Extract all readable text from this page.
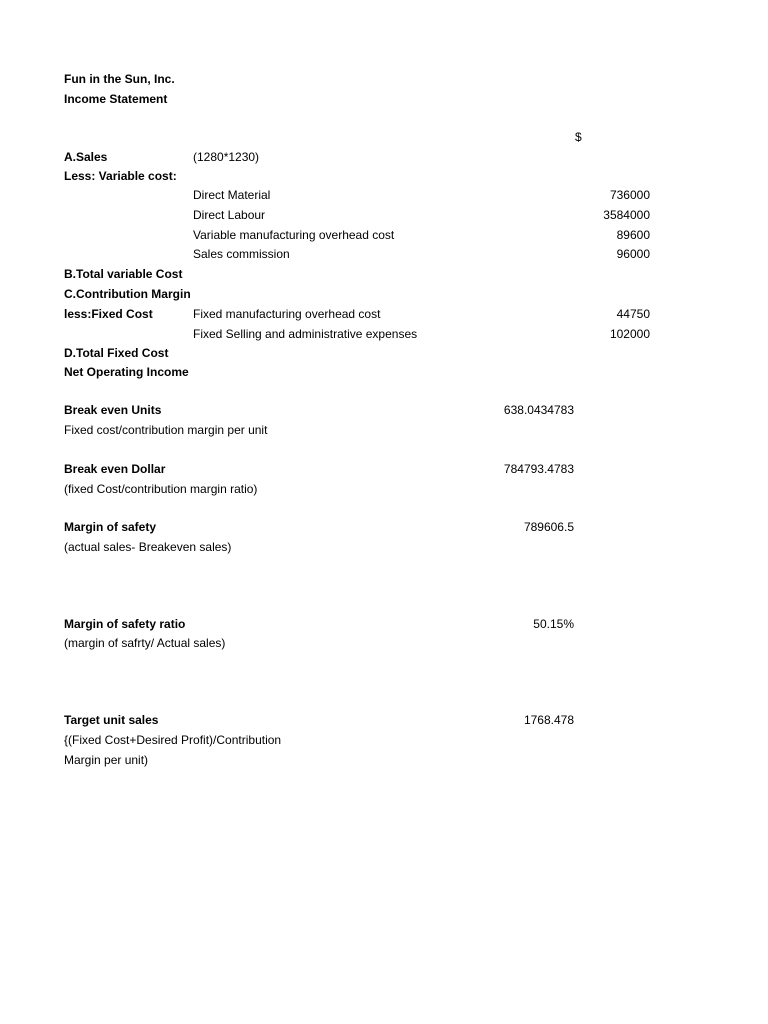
Fun in the Sun, Inc.
Income Statement
$
A.Sales	(1280*1230)
Less: Variable cost:
Direct Material	736000
Direct Labour	3584000
Variable manufacturing overhead cost	89600
Sales commission	96000
B.Total variable Cost
C.Contribution Margin
less:Fixed Cost	Fixed manufacturing overhead cost	44750
Fixed Selling and administrative expenses	102000
D.Total Fixed Cost
Net Operating Income
Break even Units	638.0434783
Fixed cost/contribution margin per unit
Break even Dollar	784793.4783
(fixed Cost/contribution margin ratio)
Margin of safety	789606.5
(actual sales- Breakeven sales)
Margin of safety ratio	50.15%
(margin of safrty/ Actual sales)
Target unit sales	1768.478
{(Fixed Cost+Desired Profit)/Contribution
Margin per unit)
